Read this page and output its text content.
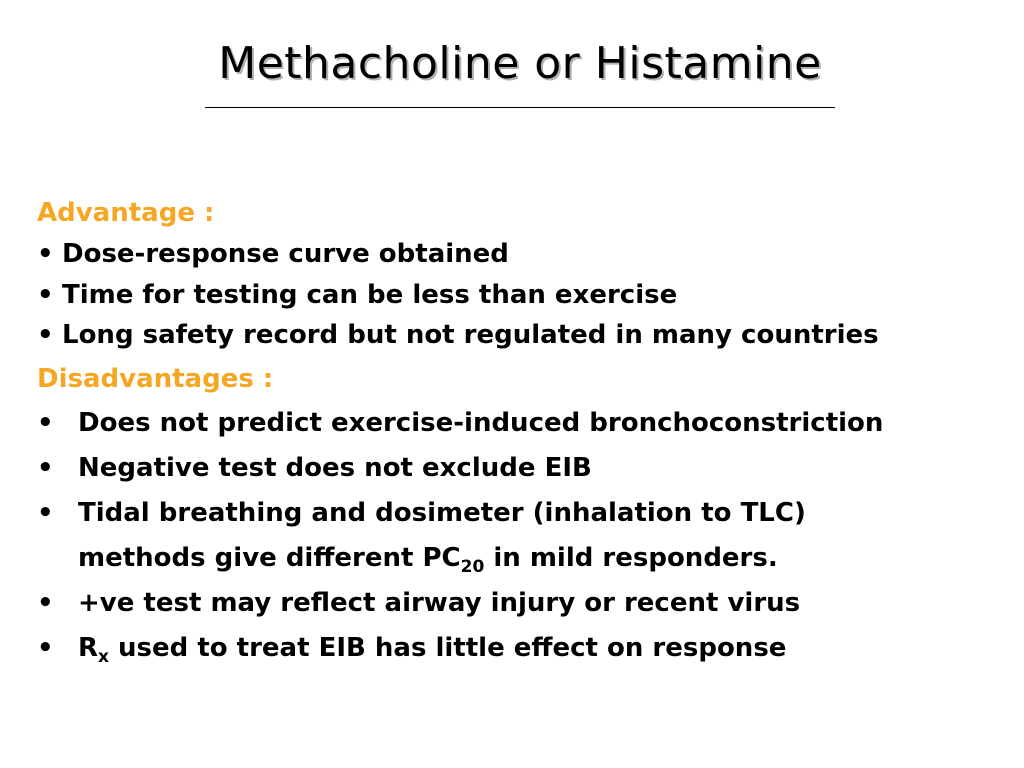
Methacholine or Histamine
Advantage :
• Dose-response curve obtained
• Time for testing can be less than exercise
• Long safety record but not regulated in many countries
Disadvantages :
• Does not predict exercise-induced bronchoconstriction
• Negative test does not exclude EIB
• Tidal breathing and dosimeter (inhalation to TLC)
methods give different $PC_{20}$ in mild responders.
• +ve test may reflect airway injury or recent virus
• $R_x$ used to treat EIB has little effect on response
